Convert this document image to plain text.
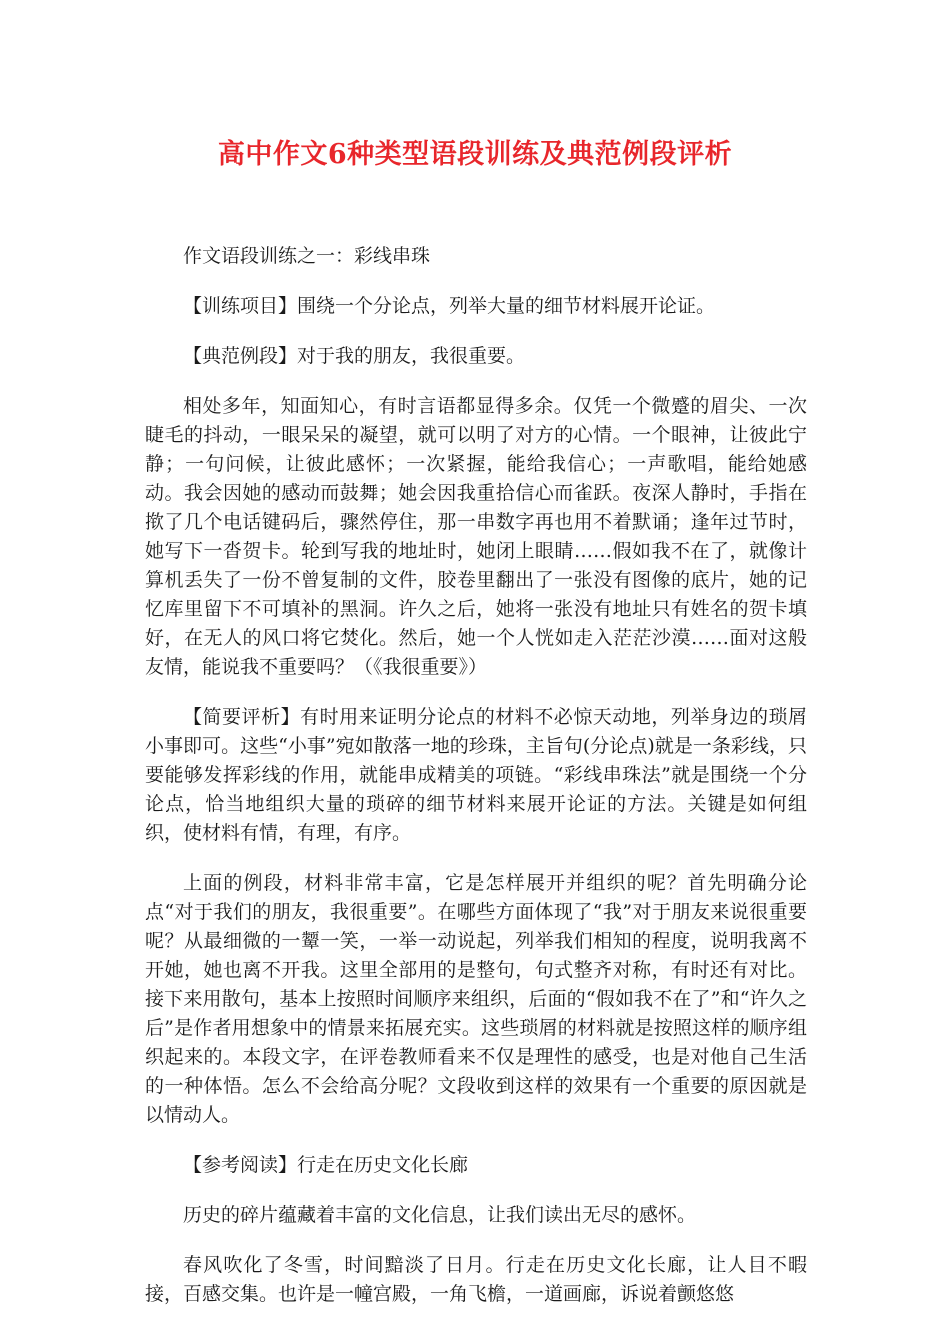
高中作文6种类型语段训练及典范例段评析

作文语段训练之一：彩线串珠

【训练项目】围绕一个分论点，列举大量的细节材料展开论证。

【典范例段】对于我的朋友，我很重要。

相处多年，知面知心，有时言语都显得多余。仅凭一个微蹙的眉尖、一次睫毛的抖动，一眼呆呆的凝望，就可以明了对方的心情。一个眼神，让彼此宁静；一句问候，让彼此感怀；一次紧握，能给我信心；一声歌唱，能给她感动。我会因她的感动而鼓舞；她会因我重拾信心而雀跃。夜深人静时，手指在揿了几个电话键码后，骤然停住，那一串数字再也用不着默诵；逢年过节时，她写下一沓贺卡。轮到写我的地址时，她闭上眼睛……假如我不在了，就像计算机丢失了一份不曾复制的文件，胶卷里翻出了一张没有图像的底片，她的记忆库里留下不可填补的黑洞。许久之后，她将一张没有地址只有姓名的贺卡填好，在无人的风口将它焚化。然后，她一个人恍如走入茫茫沙漠……面对这般友情，能说我不重要吗？（《我很重要》）

【简要评析】有时用来证明分论点的材料不必惊天动地，列举身边的琐屑小事即可。这些“小事”宛如散落一地的珍珠，主旨句(分论点)就是一条彩线，只要能够发挥彩线的作用，就能串成精美的项链。“彩线串珠法”就是围绕一个分论点，恰当地组织大量的琐碎的细节材料来展开论证的方法。关键是如何组织，使材料有情，有理，有序。

上面的例段，材料非常丰富，它是怎样展开并组织的呢？首先明确分论点“对于我们的朋友，我很重要”。在哪些方面体现了“我”对于朋友来说很重要呢？从最细微的一颦一笑，一举一动说起，列举我们相知的程度，说明我离不开她，她也离不开我。这里全部用的是整句，句式整齐对称，有时还有对比。接下来用散句，基本上按照时间顺序来组织，后面的“假如我不在了”和“许久之后”是作者用想象中的情景来拓展充实。这些琐屑的材料就是按照这样的顺序组织起来的。本段文字，在评卷教师看来不仅是理性的感受，也是对他自己生活的一种体悟。怎么不会给高分呢？文段收到这样的效果有一个重要的原因就是以情动人。

【参考阅读】行走在历史文化长廊

历史的碎片蕴藏着丰富的文化信息，让我们读出无尽的感怀。

春风吹化了冬雪，时间黯淡了日月。行走在历史文化长廊，让人目不暇接，百感交集。也许是一幢宫殿，一角飞檐，一道画廊，诉说着颤悠悠
